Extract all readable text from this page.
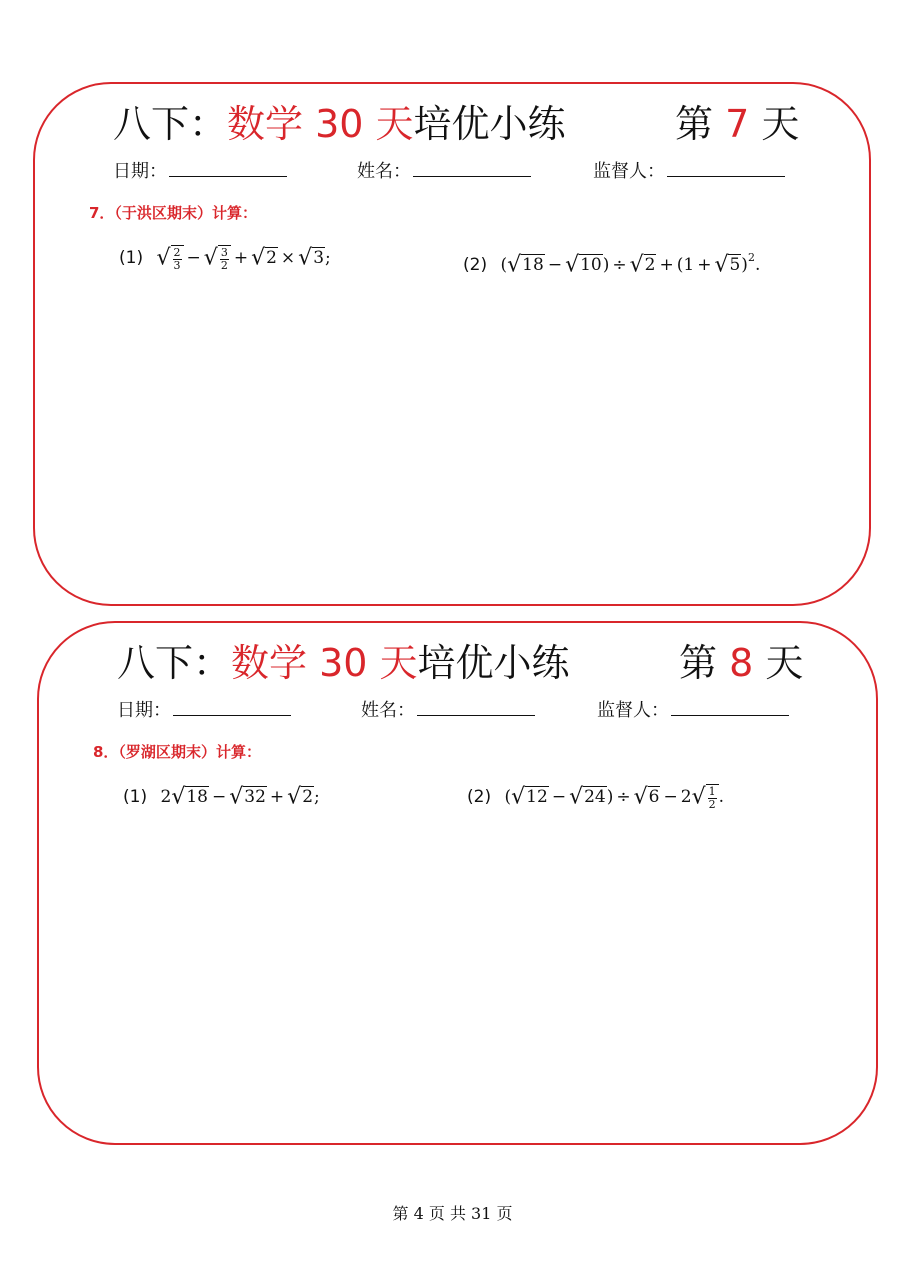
八下：数学 30 天培优小练	第 7 天
日期：	姓名：	监督人：
7．（于洪区期末）计算：
(1) √ $\frac{2}{3}$ − √ $\frac{3}{2} + √2 \times √3$;	(2) $(√18 - √10) \div √2 + (1 + √5)^2$.
八下：数学 30 天培优小练	第 8 天
日期：	姓名：	监督人：
8．（罗湖区期末）计算：
(1) 2√18 − √32 + √2;	(2) $(√12 - √24) \div √6 - 2√ \frac{1}{2}$ .
第 4 页 共 31 页
